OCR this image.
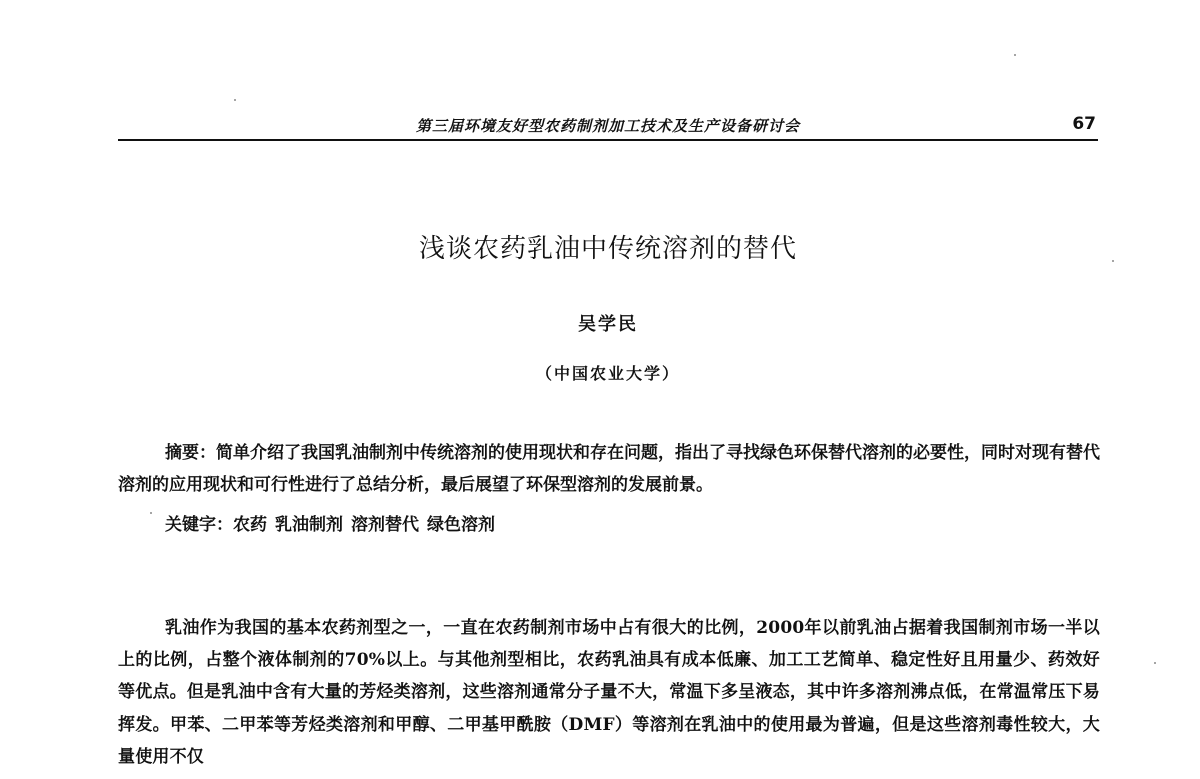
第三届环境友好型农药制剂加工技术及生产设备研讨会	67
浅谈农药乳油中传统溶剂的替代
吴学民
（中国农业大学）

摘要：简单介绍了我国乳油制剂中传统溶剂的使用现状和存在问题，指出了寻找绿色环保替代溶剂的必要性，同时对现有替代溶剂的应用现状和可行性进行了总结分析，最后展望了环保型溶剂的发展前景。

关键字：农药 乳油制剂 溶剂替代 绿色溶剂

乳油作为我国的基本农药剂型之一，一直在农药制剂市场中占有很大的比例，2000年以前乳油占据着我国制剂市场一半以上的比例，占整个液体制剂的70%以上。与其他剂型相比，农药乳油具有成本低廉、加工工艺简单、稳定性好且用量少、药效好等优点。但是乳油中含有大量的芳烃类溶剂，这些溶剂通常分子量不大，常温下多呈液态，其中许多溶剂沸点低，在常温常压下易挥发。甲苯、二甲苯等芳烃类溶剂和甲醇、二甲基甲酰胺（DMF）等溶剂在乳油中的使用最为普遍，但是这些溶剂毒性较大，大量使用不仅
